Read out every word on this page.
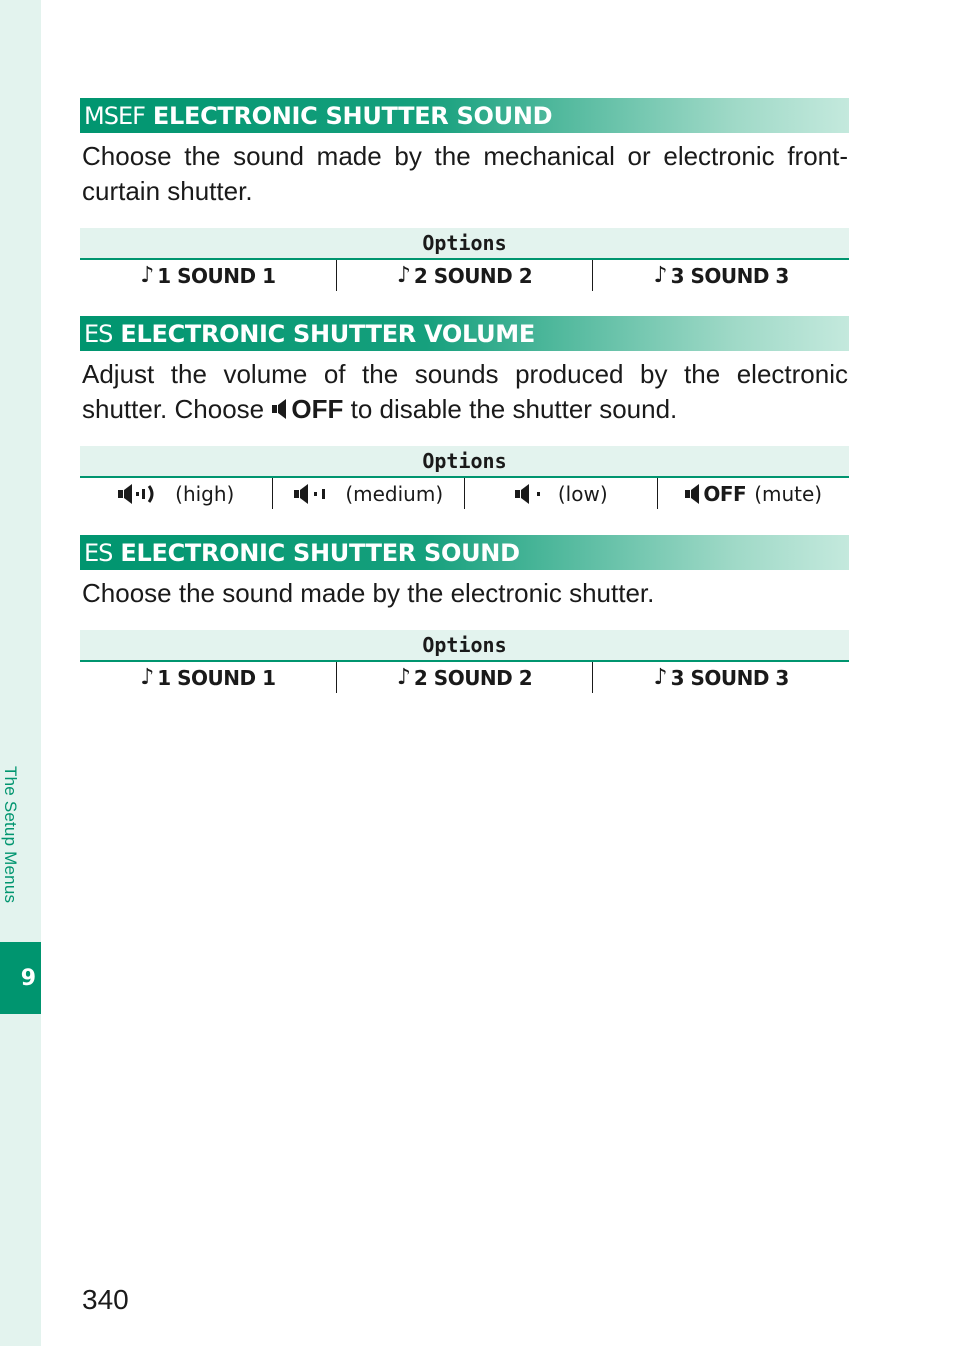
The Setup Menus
9
MSEF ELECTRONIC SHUTTER SOUND

Choose the sound made by the mechanical or electronic front-curtain shutter.

Options
♪ 1 SOUND 1	♪ 2 SOUND 2	♪ 3 SOUND 3
ES ELECTRONIC SHUTTER VOLUME

Adjust the volume of the sounds produced by the electronic shutter. Choose OFF to disable the shutter sound.

Options
(high)	(medium)	(low)	OFF (mute)
ES ELECTRONIC SHUTTER SOUND

Choose the sound made by the electronic shutter.

Options
♪ 1 SOUND 1	♪ 2 SOUND 2	♪ 3 SOUND 3
340
